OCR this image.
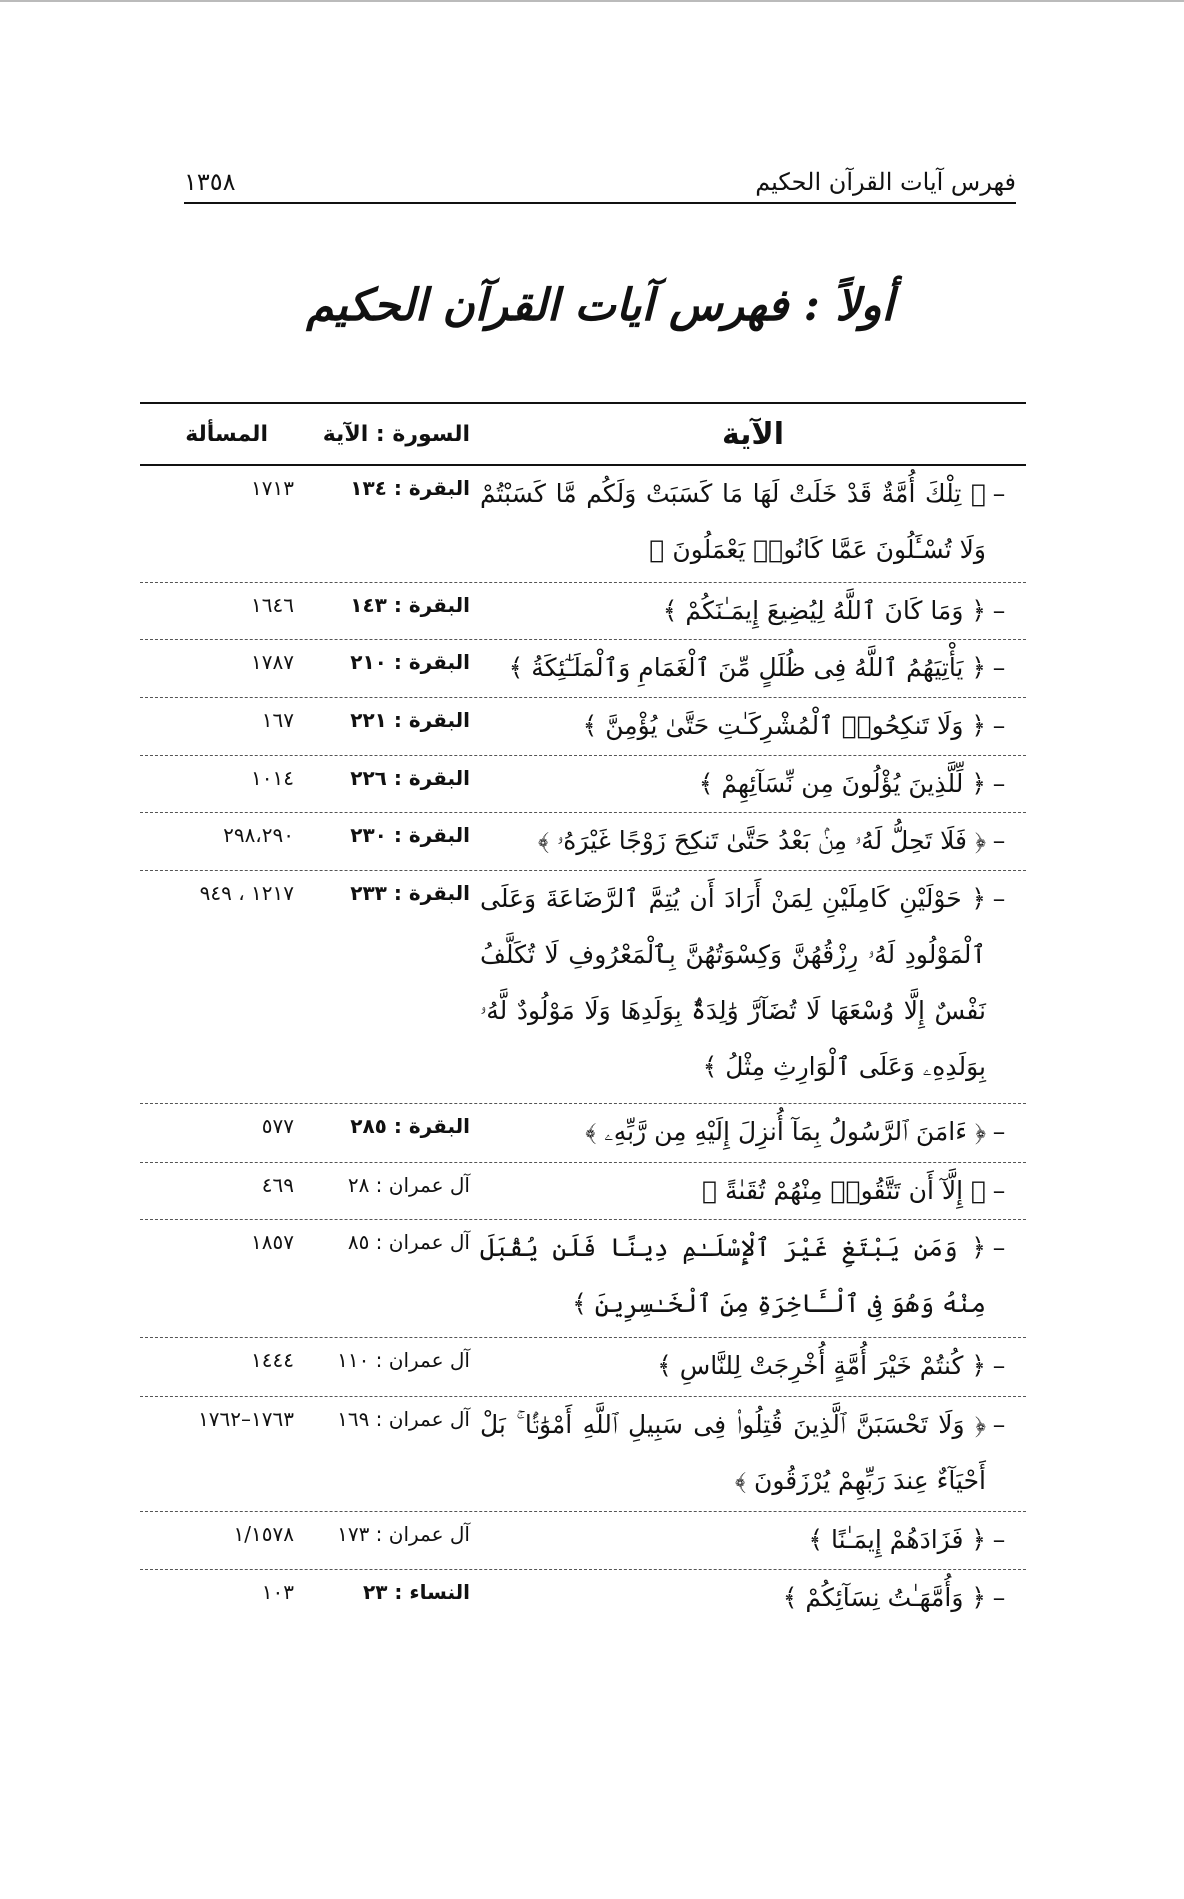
١٣٥٨	فهرس آيات القرآن الحكيم
أولاً : فهرس آيات القرآن الحكيم
الآية
السورة : الآية
المسألة
–
﴿ تِلْكَ أُمَّةٌ قَدْ خَلَتْ لَهَا مَا كَسَبَتْ وَلَكُم مَّا كَسَبْتُمْ وَلَا تُسْـَٔلُونَ عَمَّا كَانُوا۟ يَعْمَلُونَ ﴾
البقرة : ١٣٤
١٧١٣
–
﴿ وَمَا كَانَ ٱللَّهُ لِيُضِيعَ إِيمَـٰنَكُمْ ﴾
البقرة : ١٤٣
١٦٤٦
–
﴿ يَأْتِيَهُمُ ٱللَّهُ فِى ظُلَلٍ مِّنَ ٱلْغَمَامِ وَٱلْمَلَـٰٓئِكَةُ ﴾
البقرة : ٢١٠
١٧٨٧
–
﴿ وَلَا تَنكِحُوا۟ ٱلْمُشْرِكَـٰتِ حَتَّىٰ يُؤْمِنَّ ﴾
البقرة : ٢٢١
١٦٧
–
﴿ لِّلَّذِينَ يُؤْلُونَ مِن نِّسَآئِهِمْ ﴾
البقرة : ٢٢٦
١٠١٤
–
﴿ فَلَا تَحِلُّ لَهُۥ مِنۢ بَعْدُ حَتَّىٰ تَنكِحَ زَوْجًا غَيْرَهُۥ ﴾
البقرة : ٢٣٠
٢٩٨،٢٩٠
–
﴿ حَوْلَيْنِ كَامِلَيْنِ لِمَنْ أَرَادَ أَن يُتِمَّ ٱلرَّضَاعَةَ وَعَلَى ٱلْمَوْلُودِ لَهُۥ رِزْقُهُنَّ وَكِسْوَتُهُنَّ بِٱلْمَعْرُوفِ لَا تُكَلَّفُ نَفْسٌ إِلَّا وُسْعَهَا لَا تُضَآرَّ وَٰلِدَةٌۢ بِوَلَدِهَا وَلَا مَوْلُودٌ لَّهُۥ بِوَلَدِهِۦ وَعَلَى ٱلْوَارِثِ مِثْلُ ﴾
البقرة : ٢٣٣
١٢١٧ ، ٩٤٩
–
﴿ ءَامَنَ ٱلرَّسُولُ بِمَآ أُنزِلَ إِلَيْهِ مِن رَّبِّهِۦ ﴾
البقرة : ٢٨٥
٥٧٧
–
﴿ إِلَّآ أَن تَتَّقُوا۟ مِنْهُمْ تُقَىٰةً ﴾
آل عمران : ٢٨
٤٦٩
–
﴿ وَمَن يَبْتَغِ غَيْرَ ٱلْإِسْلَـٰمِ دِينًا فَلَن يُقْبَلَ مِنْهُ وَهُوَ فِى ٱلْـَٔاخِرَةِ مِنَ ٱلْخَـٰسِرِينَ ﴾
آل عمران : ٨٥
١٨٥٧
–
﴿ كُنتُمْ خَيْرَ أُمَّةٍ أُخْرِجَتْ لِلنَّاسِ ﴾
آل عمران : ١١٠
١٤٤٤
–
﴿ وَلَا تَحْسَبَنَّ ٱلَّذِينَ قُتِلُوا۟ فِى سَبِيلِ ٱللَّهِ أَمْوَٰتًۢا ۚ بَلْ أَحْيَآءٌ عِندَ رَبِّهِمْ يُرْزَقُونَ ﴾
آل عمران : ١٦٩
١٧٦٣–١٧٦٢
–
﴿ فَزَادَهُمْ إِيمَـٰنًا ﴾
آل عمران : ١٧٣
١/١٥٧٨
–
﴿ وَأُمَّهَـٰتُ نِسَآئِكُمْ ﴾
النساء : ٢٣
١٠٣
